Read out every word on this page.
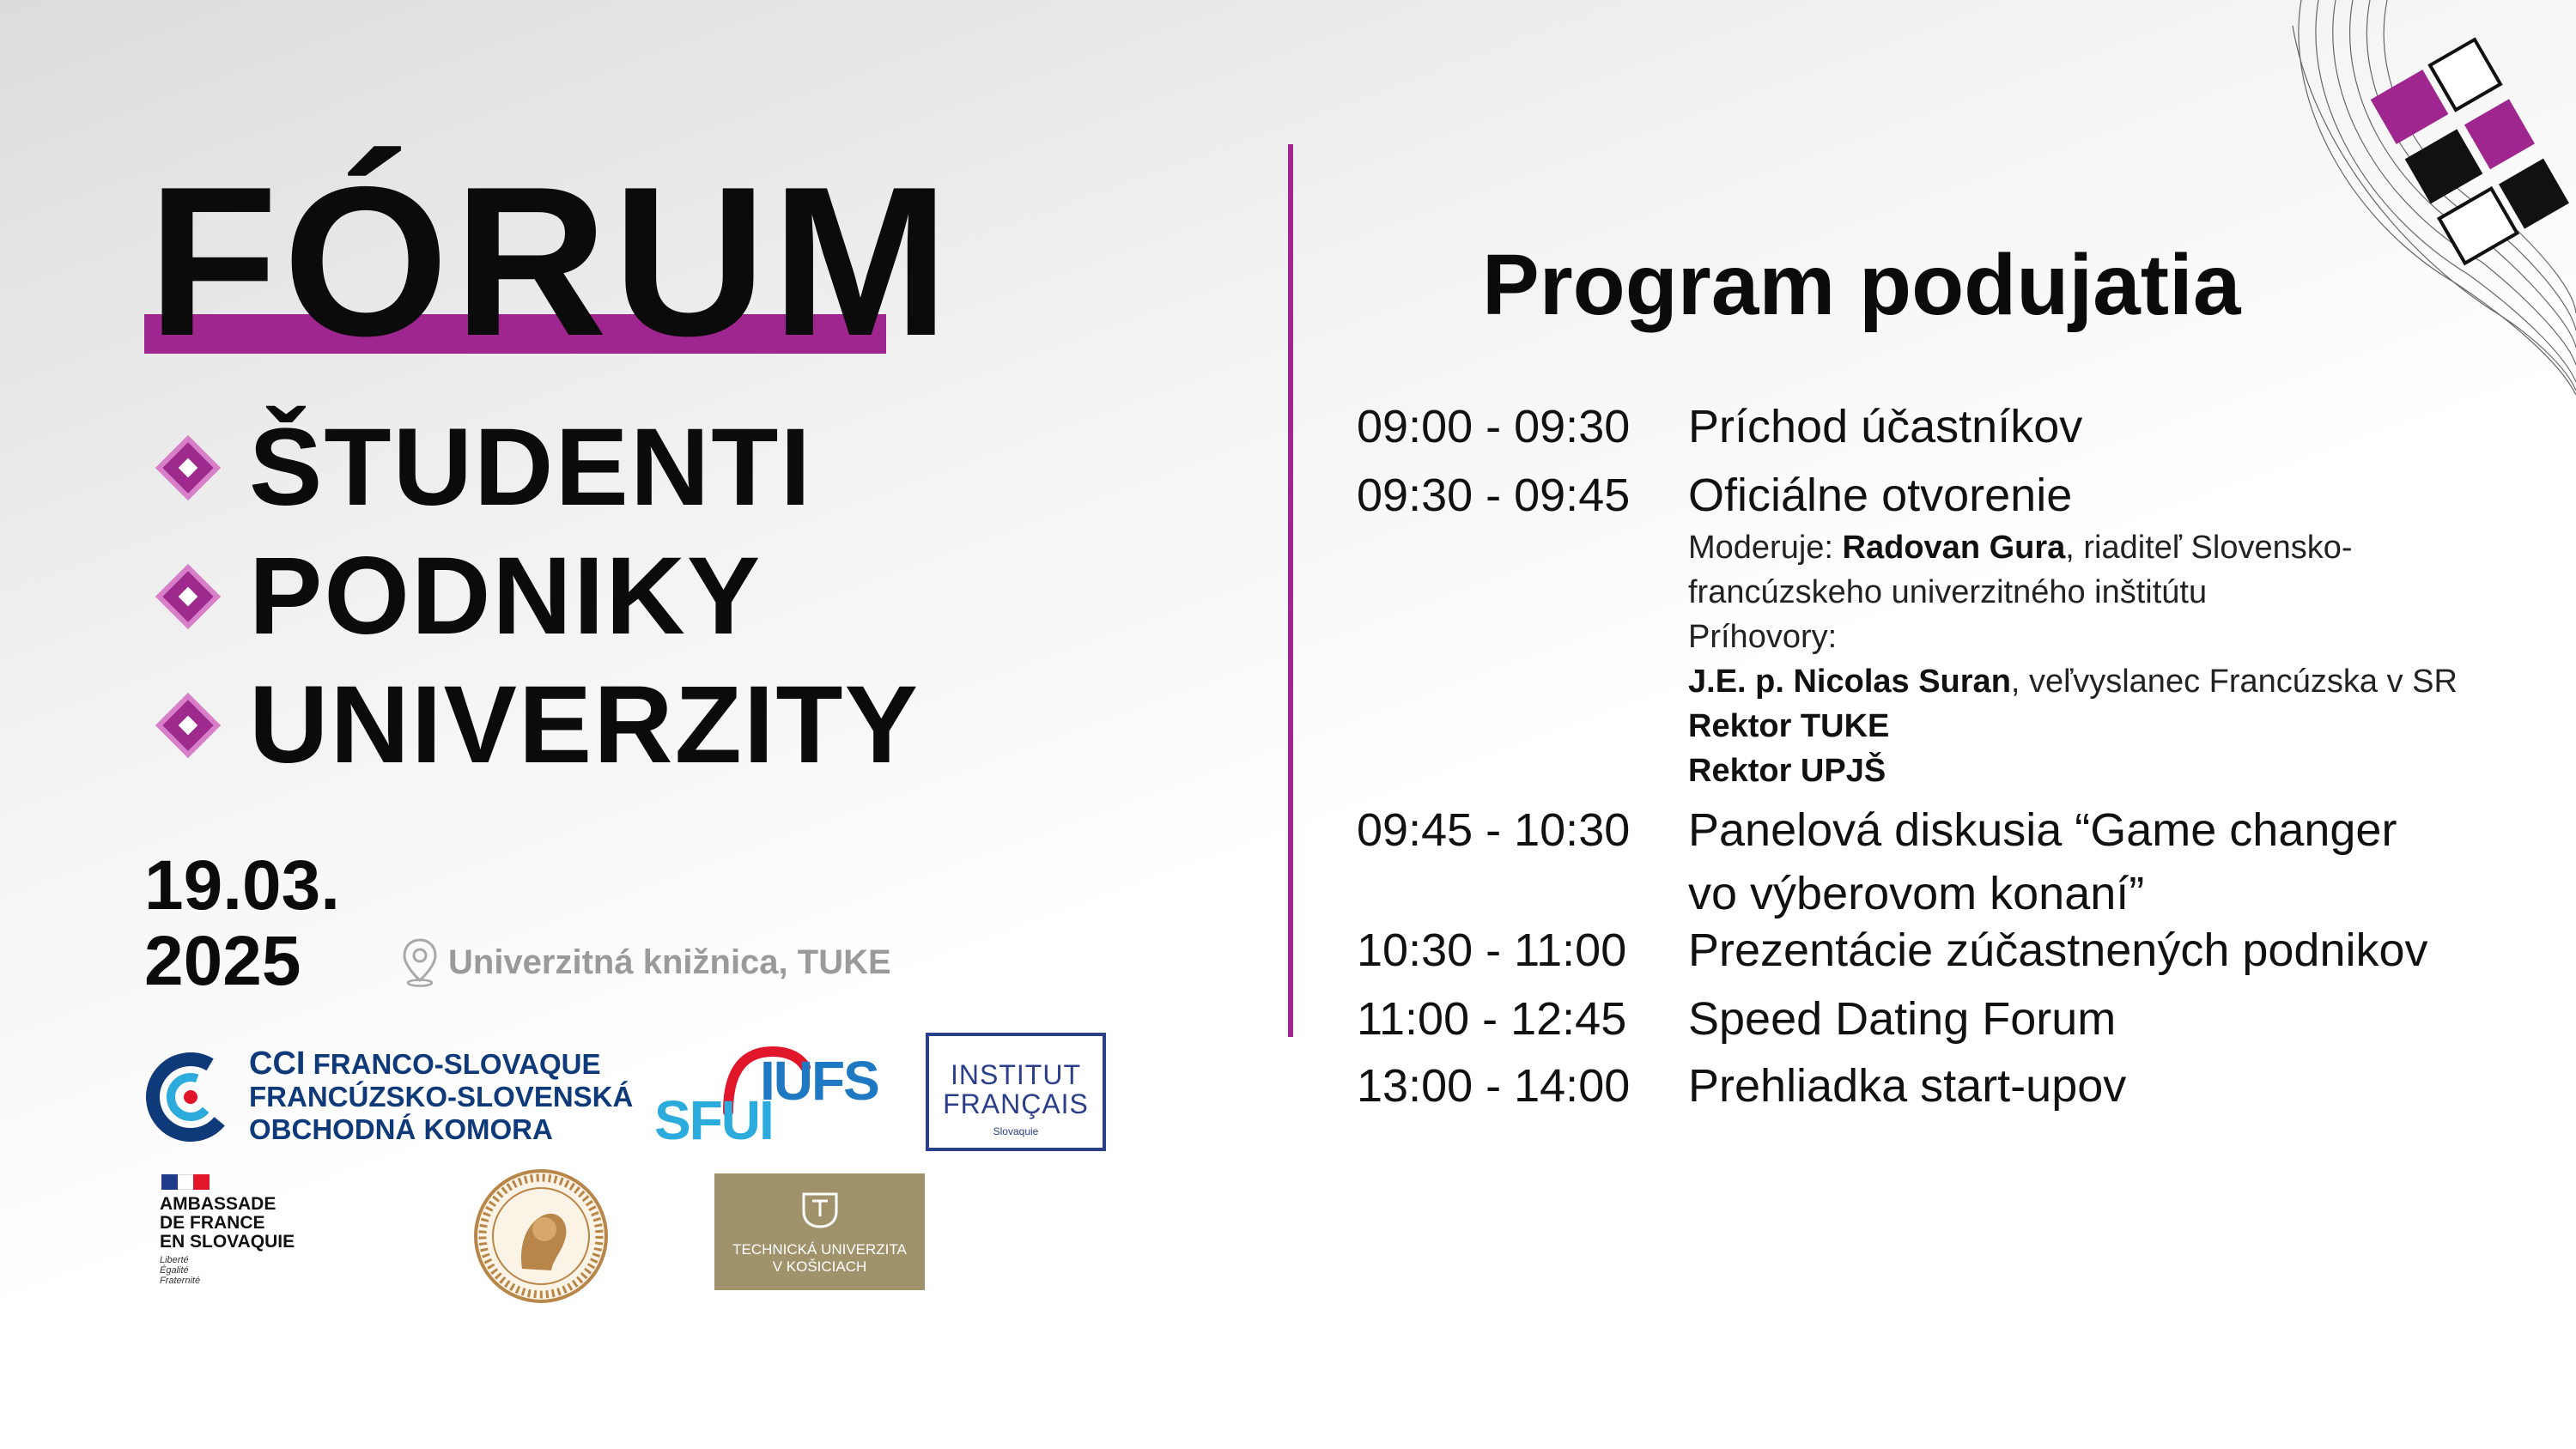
FÓRUM
ŠTUDENTI
PODNIKY
UNIVERZITY
19.03.
2025	Univerzitná knižnica, TUKE
CCI FRANCO-SLOVAQUE
FRANCÚZSKO-SLOVENSKÁ
OBCHODNÁ KOMORA	SFUI
IUFS	INSTITUT
FRANÇAIS
Slovaquie
AMBASSADE
DE FRANCE
EN SLOVAQUIE
Liberté
Égalité
Fraternité
TECHNICKÁ UNIVERZITA
V KOŠICIACH
Program podujatia
09:00 - 09:30	Príchod účastníkov
09:30 - 09:45	Oficiálne otvorenie
Moderuje: Radovan Gura, riaditeľ Slovensko-
francúzskeho univerzitného inštitútu
Príhovory:
J.E. p. Nicolas Suran, veľvyslanec Francúzska v SR
Rektor TUKE
Rektor UPJŠ
09:45 - 10:30	Panelová diskusia “Game changer
vo výberovom konaní”
10:30 - 11:00	Prezentácie zúčastnených podnikov
11:00 - 12:45	Speed Dating Forum
13:00 - 14:00	Prehliadka start-upov
